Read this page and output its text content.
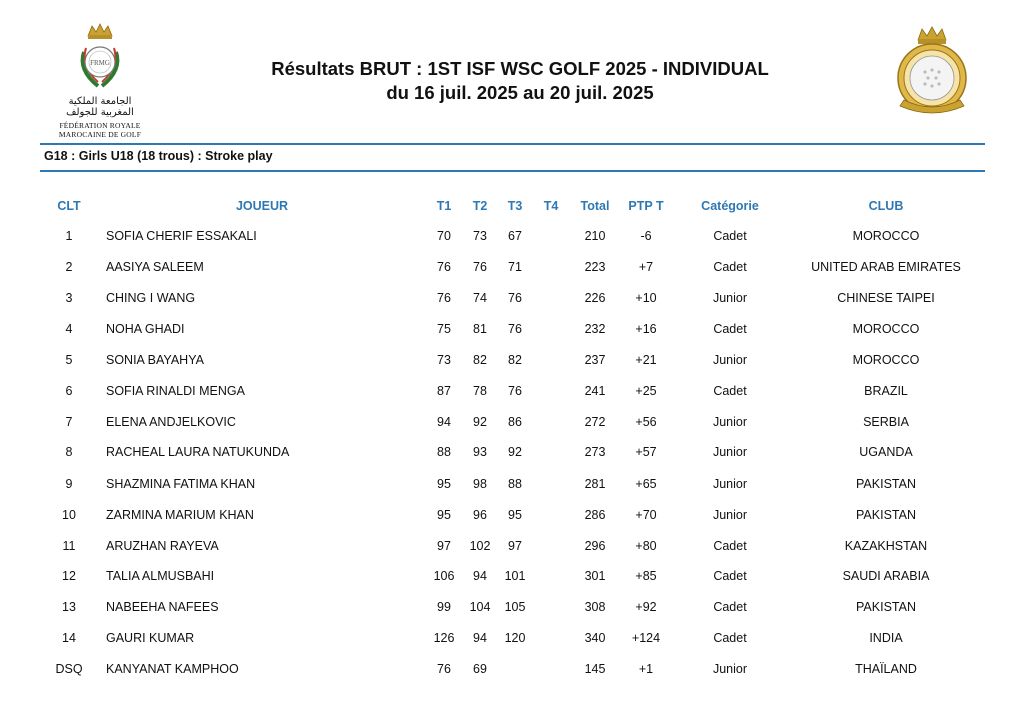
FRMG
الجامعة الملكية
المغربية للجولف
FÉDÉRATION ROYALE
MAROCAINE DE GOLF
Résultats BRUT : 1ST ISF WSC GOLF 2025 - INDIVIDUAL
du 16 juil. 2025 au 20 juil. 2025
G18 : Girls U18 (18 trous) : Stroke play
CLT	JOUEUR	T1 T2 T3 T4 Total PTP T	Catégorie	CLUB
1	SOFIA CHERIF ESSAKALI	70 73 67	210	-6	Cadet	MOROCCO
2	AASIYA SALEEM	76 76 71	223	+7	Cadet	UNITED ARAB EMIRATES
3	CHING I WANG	76 74 76	226 +10	Junior	CHINESE TAIPEI
4	NOHA GHADI	75 81 76	232 +16	Cadet	MOROCCO
5	SONIA BAYAHYA	73 82 82	237 +21	Junior	MOROCCO
6	SOFIA RINALDI MENGA	87 78 76	241 +25	Cadet	BRAZIL
7	ELENA ANDJELKOVIC	94 92 86	272 +56	Junior	SERBIA
8	RACHEAL LAURA NATUKUNDA	88 93 92	273 +57	Junior	UGANDA
9	SHAZMINA FATIMA KHAN	95 98 88	281 +65	Junior	PAKISTAN
10 ZARMINA MARIUM KHAN	95 96 95	286 +70	Junior	PAKISTAN
11 ARUZHAN RAYEVA	97 102 97	296 +80	Cadet	KAZAKHSTAN
12 TALIA ALMUSBAHI	106 94 101	301 +85	Cadet	SAUDI ARABIA
13 NABEEHA NAFEES	99 104 105	308 +92	Cadet	PAKISTAN
14 GAURI KUMAR	126 94 120	340 +124	Cadet	INDIA
DSQ KANYANAT KAMPHOO	76 69	145	+1	Junior	THAÏLAND
